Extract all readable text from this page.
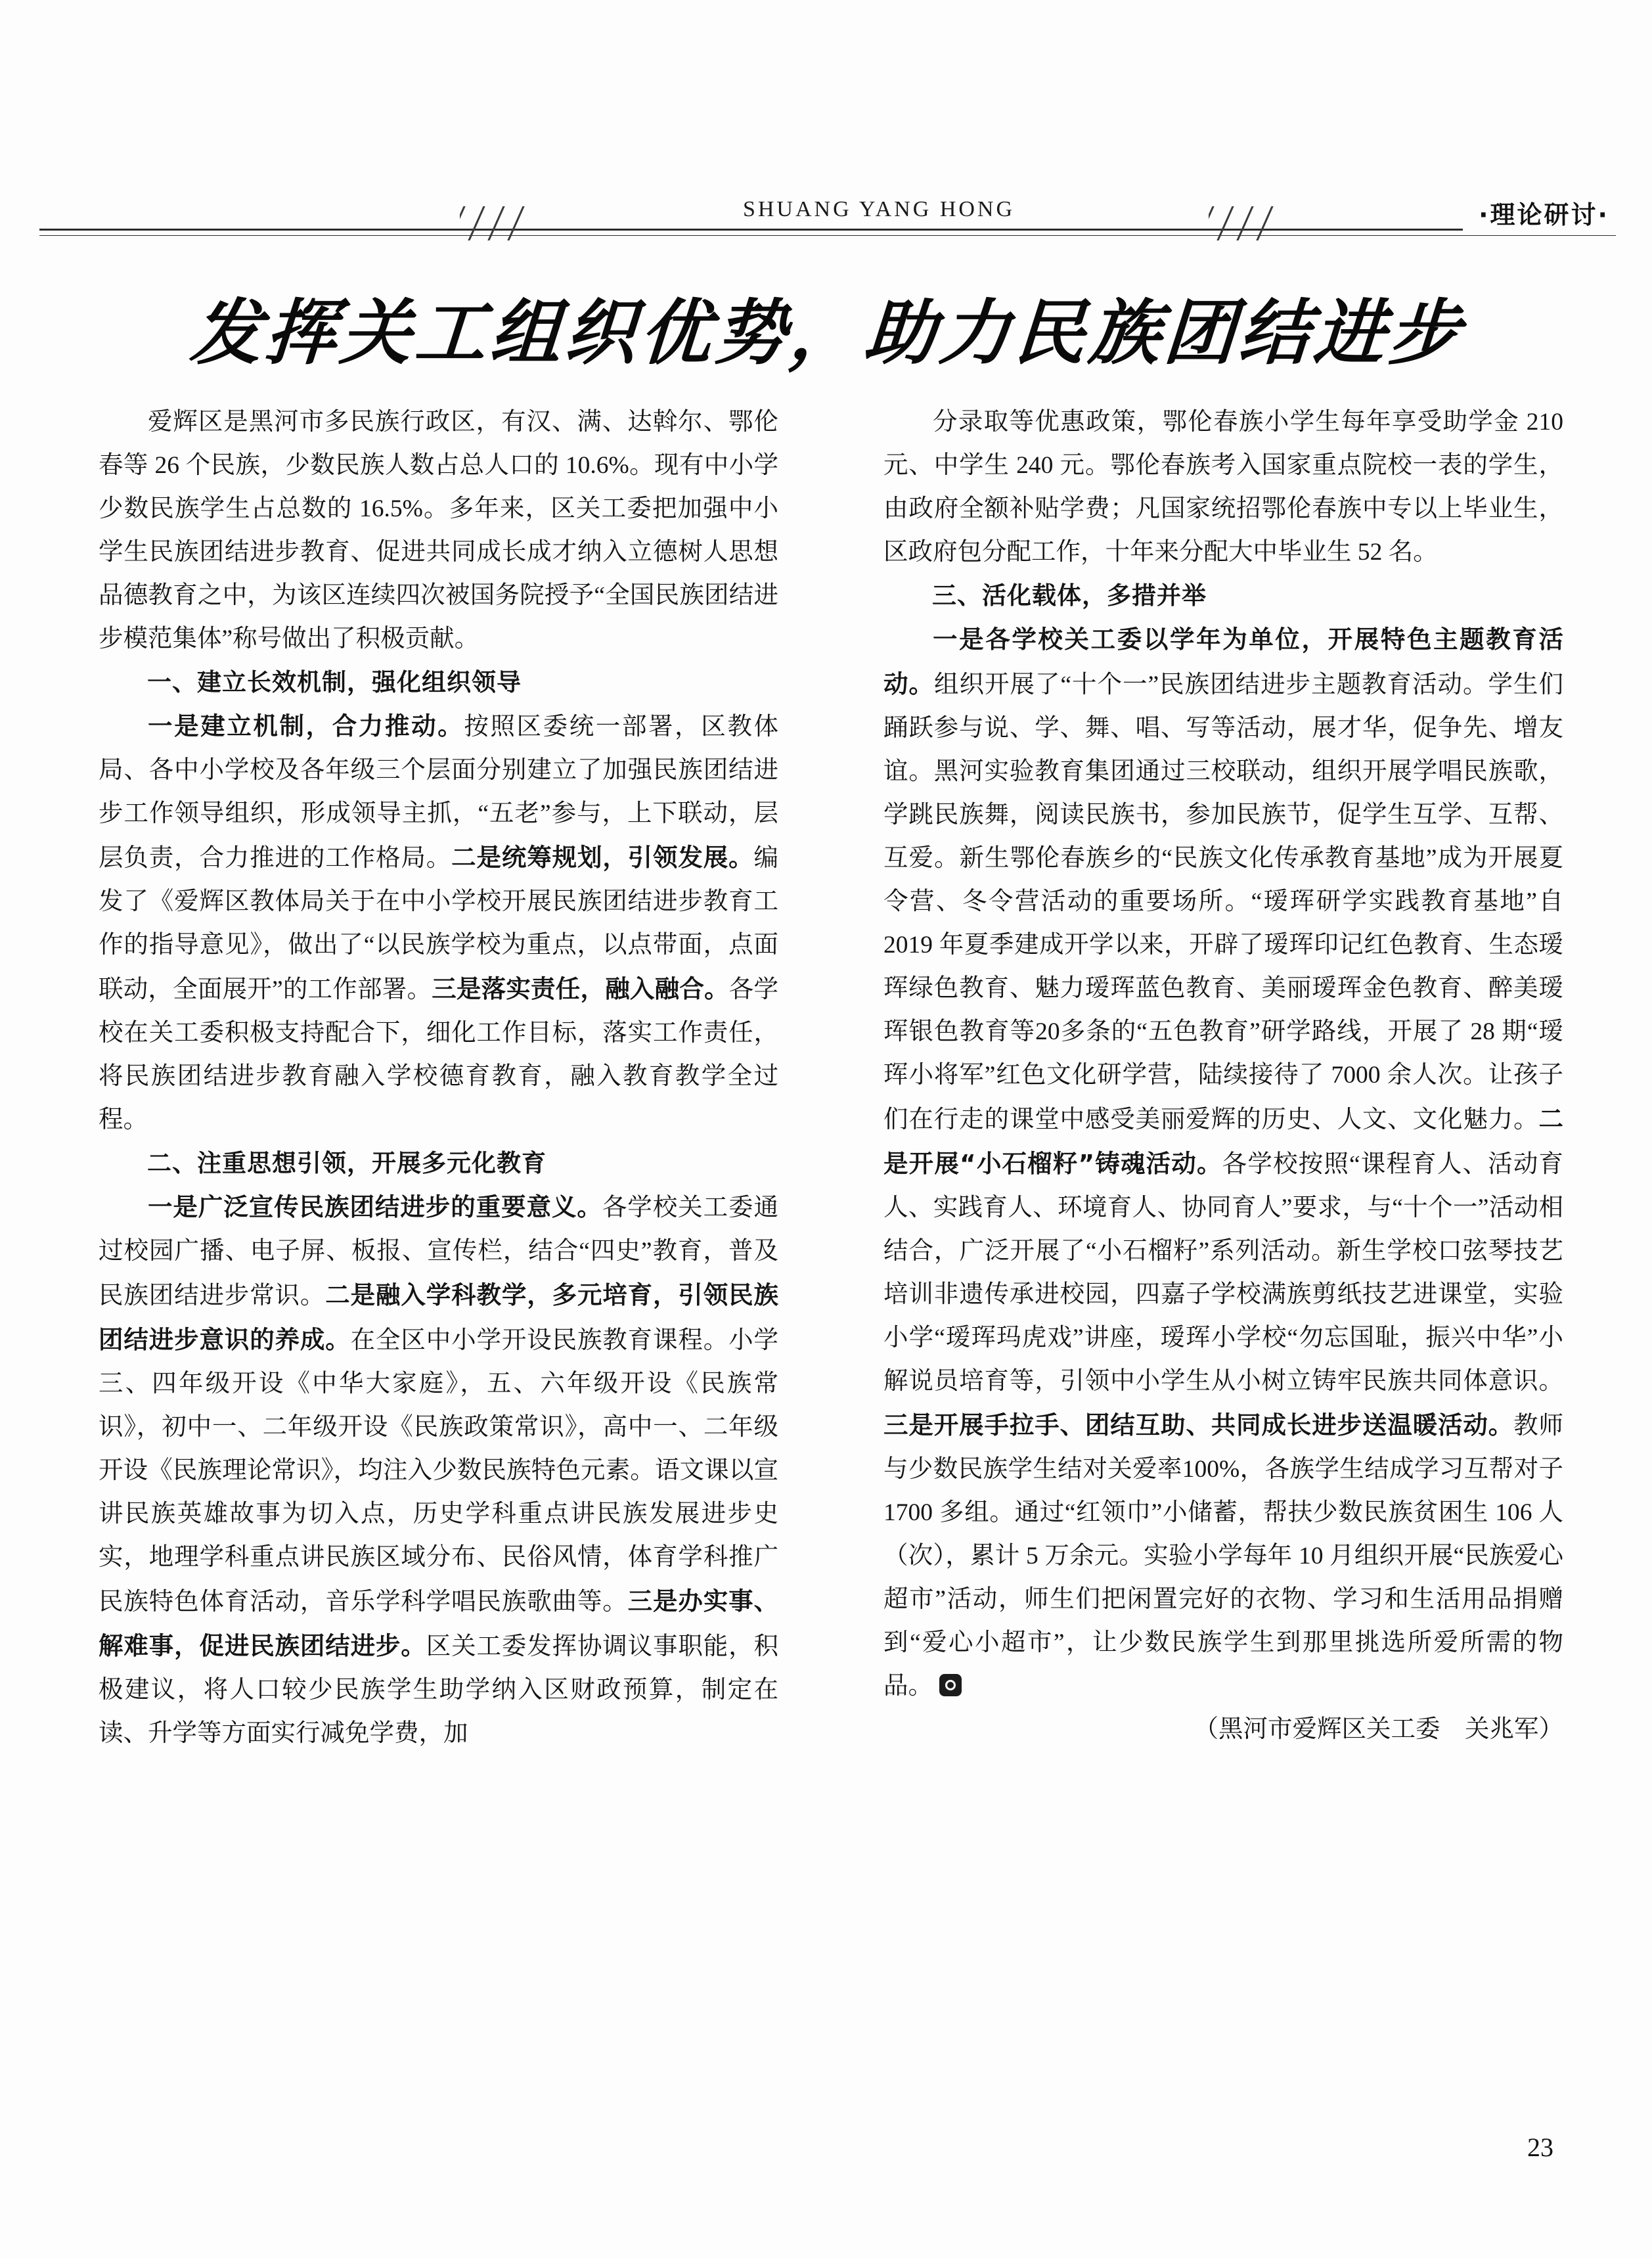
SHUANG YANG HONG	·理论研讨·
发挥关工组织优势，助力民族团结进步

爱辉区是黑河市多民族行政区，有汉、满、达斡尔、鄂伦春等 26 个民族，少数民族人数占总人口的 10.6%。现有中小学少数民族学生占总数的 16.5%。多年来，区关工委把加强中小学生民族团结进步教育、促进共同成长成才纳入立德树人思想品德教育之中，为该区连续四次被国务院授予“全国民族团结进步模范集体”称号做出了积极贡献。

一、建立长效机制，强化组织领导

一是建立机制，合力推动。按照区委统一部署，区教体局、各中小学校及各年级三个层面分别建立了加强民族团结进步工作领导组织，形成领导主抓，“五老”参与，上下联动，层层负责，合力推进的工作格局。二是统筹规划，引领发展。编发了《爱辉区教体局关于在中小学校开展民族团结进步教育工作的指导意见》，做出了“以民族学校为重点，以点带面，点面联动，全面展开”的工作部署。三是落实责任，融入融合。各学校在关工委积极支持配合下，细化工作目标，落实工作责任，将民族团结进步教育融入学校德育教育，融入教育教学全过程。

二、注重思想引领，开展多元化教育

一是广泛宣传民族团结进步的重要意义。各学校关工委通过校园广播、电子屏、板报、宣传栏，结合“四史”教育，普及民族团结进步常识。二是融入学科教学，多元培育，引领民族团结进步意识的养成。在全区中小学开设民族教育课程。小学三、四年级开设《中华大家庭》，五、六年级开设《民族常识》，初中一、二年级开设《民族政策常识》，高中一、二年级开设《民族理论常识》，均注入少数民族特色元素。语文课以宣讲民族英雄故事为切入点，历史学科重点讲民族发展进步史实，地理学科重点讲民族区域分布、民俗风情，体育学科推广民族特色体育活动，音乐学科学唱民族歌曲等。三是办实事、解难事，促进民族团结进步。区关工委发挥协调议事职能，积极建议，将人口较少民族学生助学纳入区财政预算，制定在读、升学等方面实行减免学费，加

分录取等优惠政策，鄂伦春族小学生每年享受助学金 210 元、中学生 240 元。鄂伦春族考入国家重点院校一表的学生，由政府全额补贴学费；凡国家统招鄂伦春族中专以上毕业生，区政府包分配工作，十年来分配大中毕业生 52 名。

三、活化载体，多措并举

一是各学校关工委以学年为单位，开展特色主题教育活动。组织开展了“十个一”民族团结进步主题教育活动。学生们踊跃参与说、学、舞、唱、写等活动，展才华，促争先、增友谊。黑河实验教育集团通过三校联动，组织开展学唱民族歌，学跳民族舞，阅读民族书，参加民族节，促学生互学、互帮、互爱。新生鄂伦春族乡的“民族文化传承教育基地”成为开展夏令营、冬令营活动的重要场所。“瑷珲研学实践教育基地”自 2019 年夏季建成开学以来，开辟了瑷珲印记红色教育、生态瑷珲绿色教育、魅力瑷珲蓝色教育、美丽瑷珲金色教育、醉美瑷珲银色教育等20多条的“五色教育”研学路线，开展了 28 期“瑷珲小将军”红色文化研学营，陆续接待了 7000 余人次。让孩子们在行走的课堂中感受美丽爱辉的历史、人文、文化魅力。二是开展“小石榴籽”铸魂活动。各学校按照“课程育人、活动育人、实践育人、环境育人、协同育人”要求，与“十个一”活动相结合，广泛开展了“小石榴籽”系列活动。新生学校口弦琴技艺培训非遗传承进校园，四嘉子学校满族剪纸技艺进课堂，实验小学“瑷珲玛虎戏”讲座，瑷珲小学校“勿忘国耻，振兴中华”小解说员培育等，引领中小学生从小树立铸牢民族共同体意识。三是开展手拉手、团结互助、共同成长进步送温暖活动。教师与少数民族学生结对关爱率100%，各族学生结成学习互帮对子 1700 多组。通过“红领巾”小储蓄，帮扶少数民族贫困生 106 人（次），累计 5 万余元。实验小学每年 10 月组织开展“民族爱心超市”活动，师生们把闲置完好的衣物、学习和生活用品捐赠到“爱心小超市”，让少数民族学生到那里挑选所爱所需的物品。

（黑河市爱辉区关工委　关兆军）

23
